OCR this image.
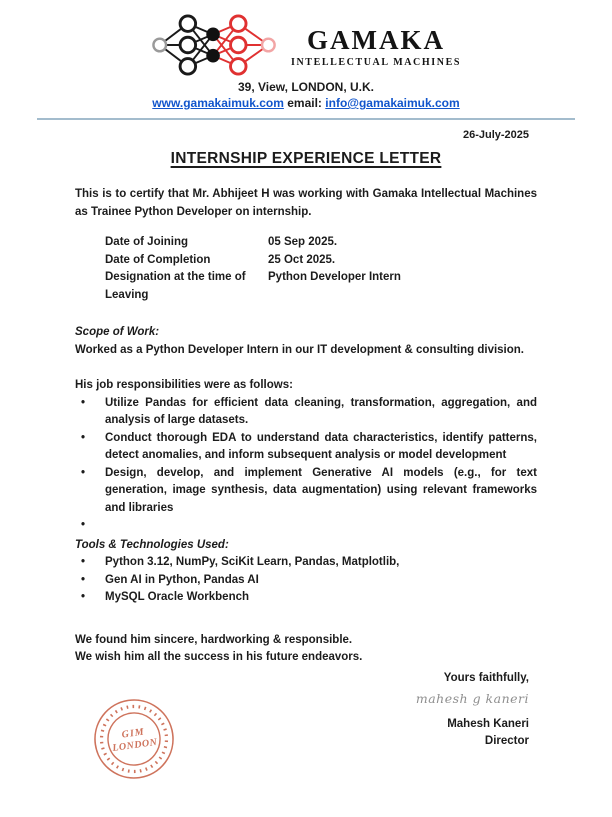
GAMAKA
INTELLECTUAL MACHINES
39, View, LONDON, U.K.
www.gamakaimuk.com email: info@gamakaimuk.com
26-July-2025
INTERNSHIP EXPERIENCE LETTER

This is to certify that Mr. Abhijeet H was working with Gamaka Intellectual Machines as Trainee Python Developer on internship.

Date of Joining	05 Sep 2025.
Date of Completion	25 Oct 2025.
Designation at the time of Leaving
Python Developer Intern
Scope of Work:

Worked as a Python Developer Intern in our IT development & consulting division.

His job responsibilities were as follows:

• Utilize Pandas for efficient data cleaning, transformation, aggregation, and analysis of large datasets.
• Conduct thorough EDA to understand data characteristics, identify patterns, detect anomalies, and inform subsequent analysis or model development
• Design, develop, and implement Generative AI models (e.g., for text generation, image synthesis, data augmentation) using relevant frameworks and libraries
•
Tools & Technologies Used:
• Python 3.12, NumPy, SciKit Learn, Pandas, Matplotlib,
• Gen AI in Python, Pandas AI
• MySQL Oracle Workbench

We found him sincere, hardworking & responsible.

We wish him all the success in his future endeavors.

Yours faithfully,
mahesh g kaneri
Mahesh Kaneri
Director
GIM
LONDON
